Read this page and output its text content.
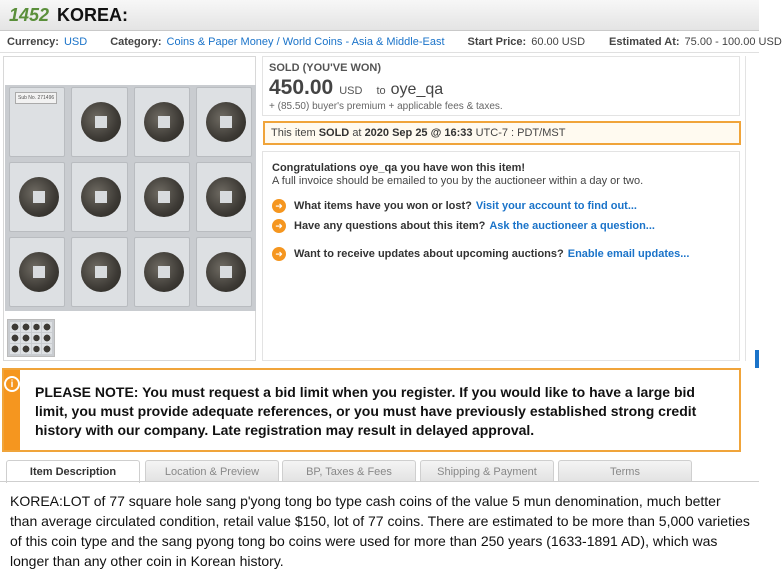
1452 KOREA:
Currency: USD Category: Coins & Paper Money / World Coins - Asia & Middle-East Start Price: 60.00 USD Estimated At: 75.00 - 100.00 USD
Sub No. 271496
SOLD (YOU'VE WON)
450.00 USD to oye_qa
+ (85.50) buyer's premium + applicable fees & taxes.
This item
SOLD
at
2020 Sep 25 @ 16:33
UTC-7 : PDT/MST
Congratulations oye_qa you have won this item!
A full invoice should be emailed to you by the auctioneer within a day or two.
➜ What items have you won or lost? Visit your account to find out...
➜ Have any questions about this item? Ask the auctioneer a question...
➜ Want to receive updates about upcoming auctions? Enable email updates...
i	PLEASE NOTE: You must request a bid limit when you register. If you would like to have a large bid limit, you must provide adequate references, or you must have previously established strong credit history with our company. Late registration may result in delayed approval.
Item Description	Location & Preview	BP, Taxes & Fees	Shipping & Payment	Terms
KOREA:LOT of 77 square hole sang p'yong tong bo type cash coins of the value 5 mun denomination, much better than average circulated condition, retail value $150, lot of 77 coins. There are estimated to be more than 5,000 varieties of this coin type and the sang pyong tong bo coins were used for more than 250 years (1633-1891 AD), which was longer than any other coin in Korean history.
